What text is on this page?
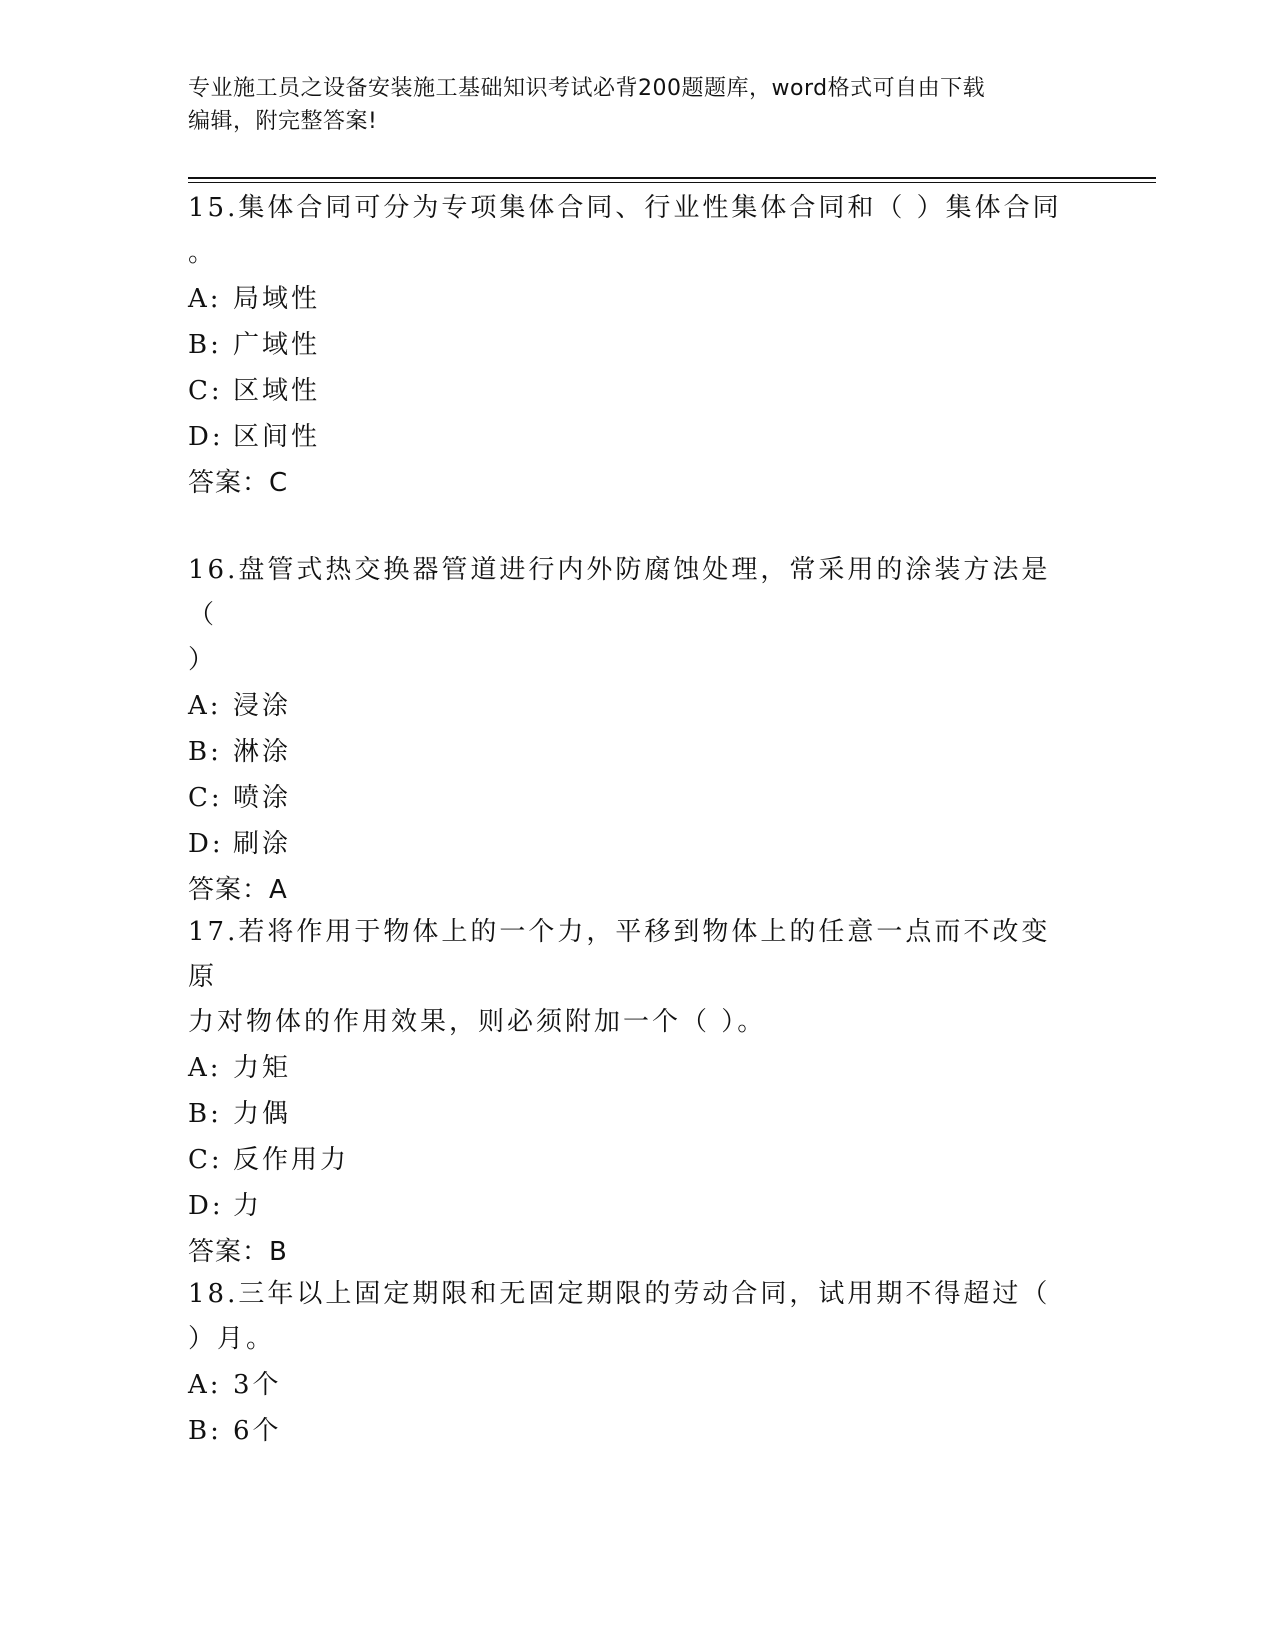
专业施工员之设备安装施工基础知识考试必背200题题库，word格式可自由下载
编辑，附完整答案!
15.集体合同可分为专项集体合同、行业性集体合同和（ ）集体合同
。
A: 局域性
B: 广域性
C: 区域性
D: 区间性
答案：C
16.盘管式热交换器管道进行内外防腐蚀处理，常采用的涂装方法是（
）
A: 浸涂
B: 淋涂
C: 喷涂
D: 刷涂
答案：A
17.若将作用于物体上的一个力，平移到物体上的任意一点而不改变原
力对物体的作用效果，则必须附加一个（ ）。
A: 力矩
B: 力偶
C: 反作用力
D: 力
答案：B
18.三年以上固定期限和无固定期限的劳动合同，试用期不得超过（
）月。
A: 3个
B: 6个
